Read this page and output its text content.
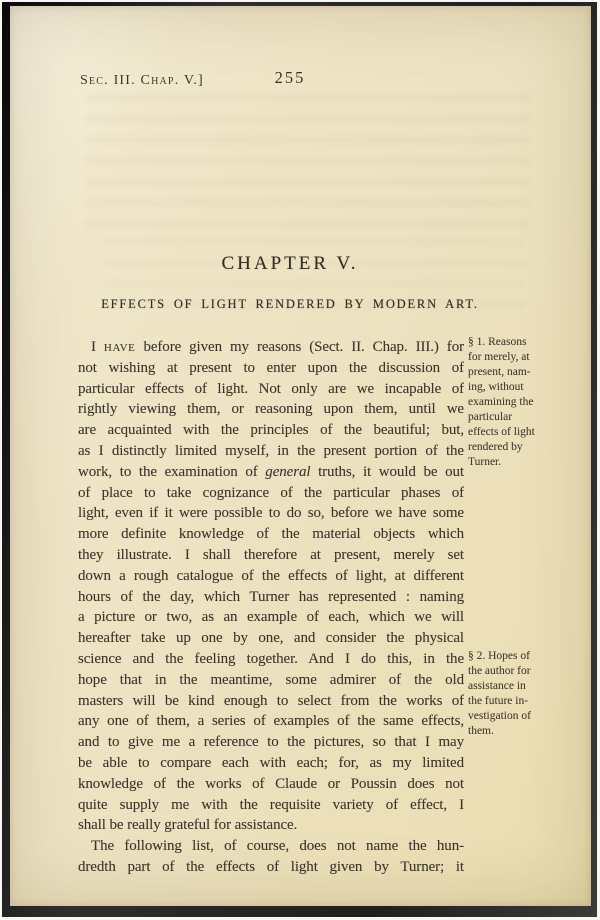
Sec. III. Chap. V.]	255
CHAPTER V.
EFFECTS OF LIGHT RENDERED BY MODERN ART.
I have before given my reasons (Sect. II. Chap. III.) for
not wishing at present to enter upon the discussion of
particular effects of light. Not only are we incapable of
rightly viewing them, or reasoning upon them, until we
are acquainted with the principles of the beautiful; but,
as I distinctly limited myself, in the present portion of the
work, to the examination of general truths, it would be out
of place to take cognizance of the particular phases of
light, even if it were possible to do so, before we have some
more definite knowledge of the material objects which
they illustrate. I shall therefore at present, merely set
down a rough catalogue of the effects of light, at different
hours of the day, which Turner has represented : naming
a picture or two, as an example of each, which we will
hereafter take up one by one, and consider the physical
science and the feeling together. And I do this, in the
hope that in the meantime, some admirer of the old
masters will be kind enough to select from the works of
any one of them, a series of examples of the same effects,
and to give me a reference to the pictures, so that I may
be able to compare each with each; for, as my limited
knowledge of the works of Claude or Poussin does not
quite supply me with the requisite variety of effect, I
shall be really grateful for assistance.
The following list, of course, does not name the hun-
dredth part of the effects of light given by Turner; it
§ 1. Reasons
for merely, at
present, nam-
ing, without
examining the
particular
effects of light
rendered by
Turner.
§ 2. Hopes of
the author for
assistance in
the future in-
vestigation of
them.
